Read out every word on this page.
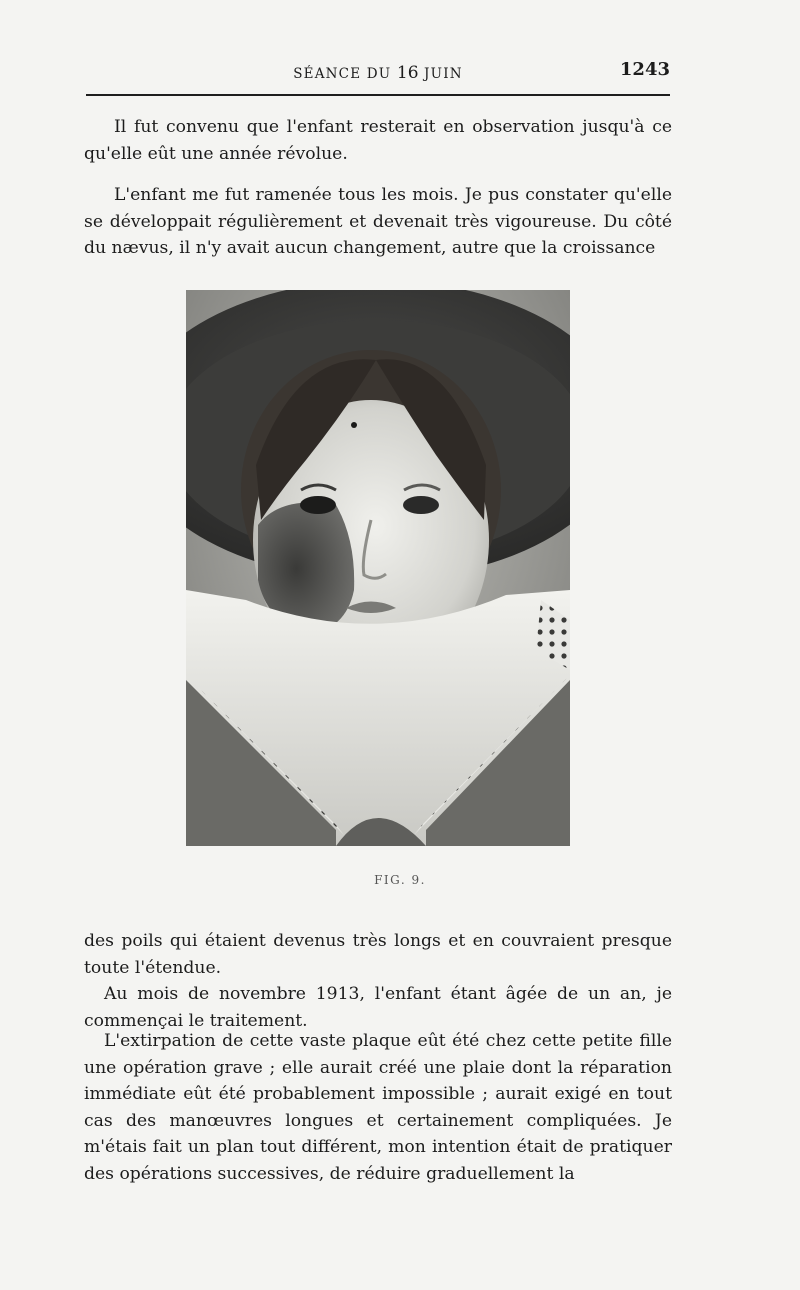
SÉANCE DU 16 JUIN	1243

Il fut convenu que l'enfant resterait en observation jusqu'à ce qu'elle eût une année révolue.

L'enfant me fut ramenée tous les mois. Je pus constater qu'elle se développait régulièrement et devenait très vigoureuse. Du côté du nævus, il n'y avait aucun changement, autre que la croissance

FIG. 9.

des poils qui étaient devenus très longs et en couvraient presque toute l'étendue.

Au mois de novembre 1913, l'enfant étant âgée de un an, je commençai le traitement.

L'extirpation de cette vaste plaque eût été chez cette petite fille une opération grave ; elle aurait créé une plaie dont la réparation immédiate eût été probablement impossible ; aurait exigé en tout cas des manœuvres longues et certainement compliquées. Je m'étais fait un plan tout différent, mon intention était de pratiquer des opérations successives, de réduire graduellement la
